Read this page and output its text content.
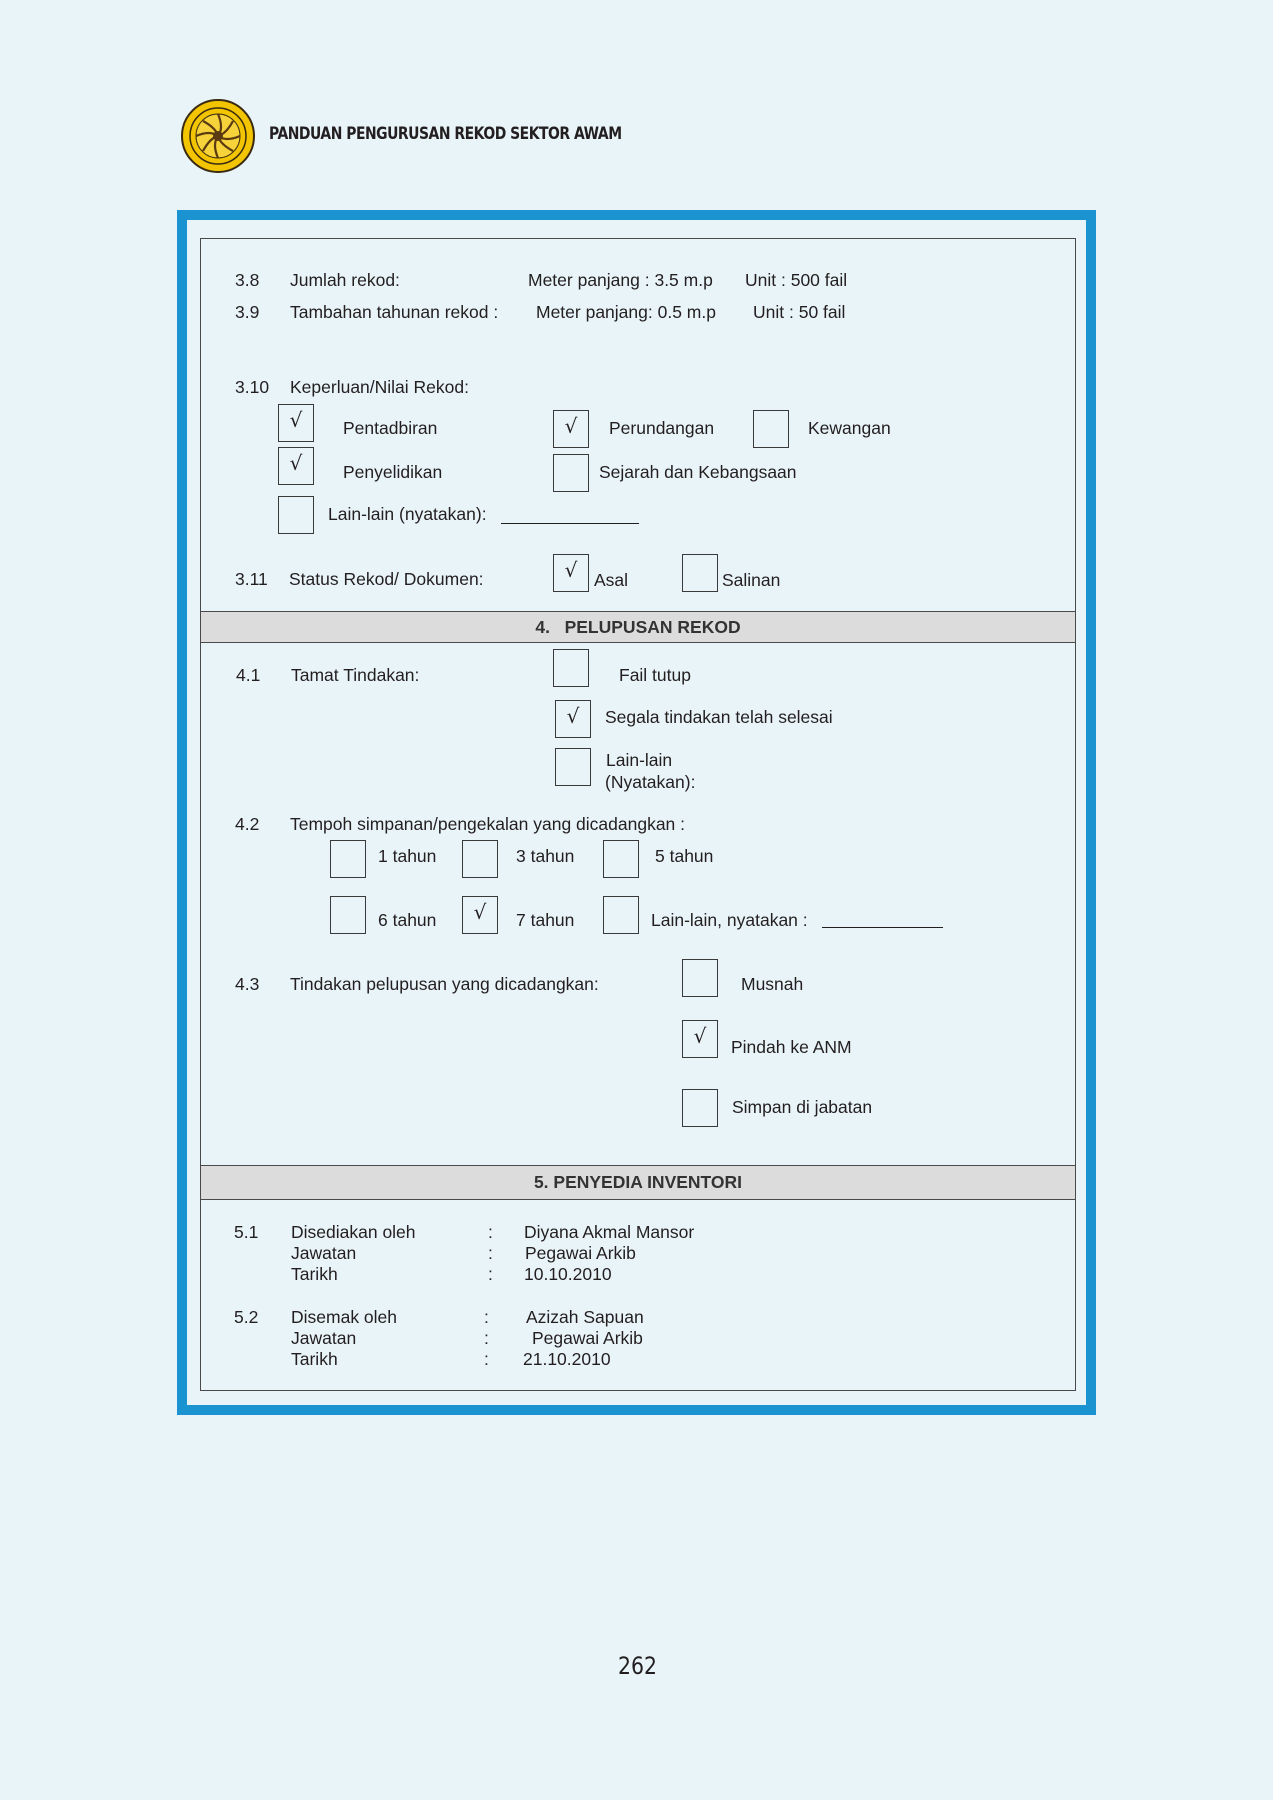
PANDUAN PENGURUSAN REKOD SEKTOR AWAM
3.8 Jumlah rekod:	Meter panjang : 3.5 m.p Unit : 500 fail
3.9 Tambahan tahunan rekod : Meter panjang: 0.5 m.p Unit : 50 fail
3.10 Keperluan/Nilai Rekod:
√	Pentadbiran	√	Perundangan	Kewangan
√	Penyelidikan	Sejarah dan Kebangsaan
Lain-lain (nyatakan):
3.11 Status Rekod/ Dokumen:	√ Asal	Salinan
4.   PELUPUSAN REKOD
4.1 Tamat Tindakan:	Fail tutup
√	Segala tindakan telah selesai
Lain-lain
(Nyatakan):
4.2 Tempoh simpanan/pengekalan yang dicadangkan :
1 tahun	3 tahun	5 tahun
6 tahun	√	7 tahun	Lain-lain, nyatakan :
4.3 Tindakan pelupusan yang dicadangkan:	Musnah
√	Pindah ke ANM
Simpan di jabatan
5. PENYEDIA INVENTORI
5.1 Disediakan oleh	: Diyana Akmal Mansor
Jawatan	: Pegawai Arkib
Tarikh	: 10.10.2010
5.2 Disemak oleh	: Azizah Sapuan
Jawatan	: Pegawai Arkib
Tarikh	: 21.10.2010
262
